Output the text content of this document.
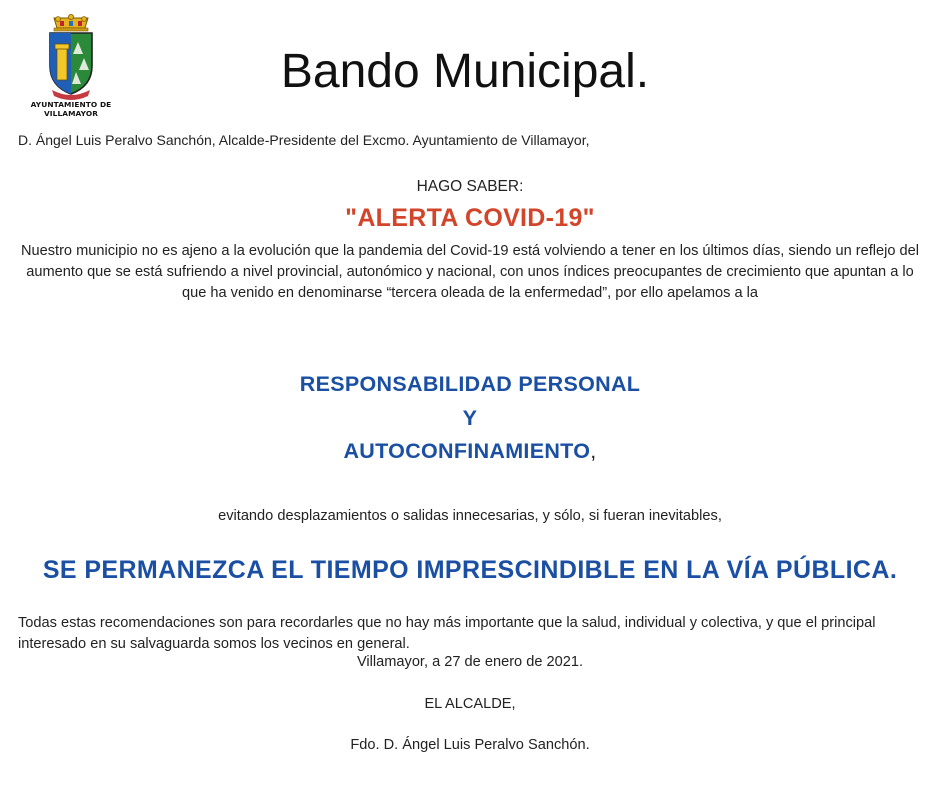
AYUNTAMIENTO DE
VILLAMAYOR
Bando Municipal.
D. Ángel Luis Peralvo Sanchón, Alcalde-Presidente del Excmo. Ayuntamiento de Villamayor,
HAGO SABER:
"ALERTA COVID-19"
Nuestro municipio no es ajeno a la evolución que la pandemia del Covid-19 está volviendo a tener en los últimos días, siendo un reflejo del aumento que se está sufriendo a nivel provincial, autonómico y nacional, con unos índices preocupantes de crecimiento que apuntan a lo que ha venido en denominarse “tercera oleada de la enfermedad”, por ello apelamos a la
RESPONSABILIDAD PERSONAL
Y
AUTOCONFINAMIENTO,
evitando desplazamientos o salidas innecesarias, y sólo, si fueran inevitables,
SE PERMANEZCA EL TIEMPO IMPRESCINDIBLE EN LA VÍA PÚBLICA.
Todas estas recomendaciones son para recordarles que no hay más importante que la salud, individual y colectiva, y que el principal interesado en su salvaguarda somos los vecinos en general.
Villamayor, a 27 de enero de 2021.
EL ALCALDE,
Fdo. D. Ángel Luis Peralvo Sanchón.
